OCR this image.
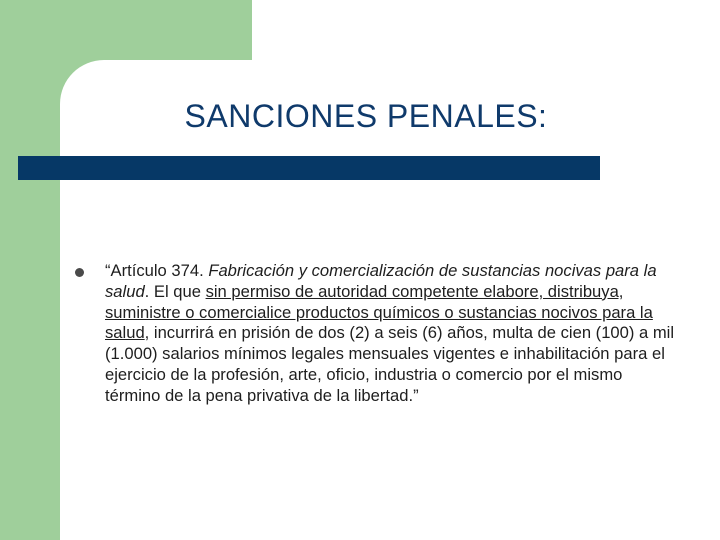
SANCIONES PENALES:
“Artículo 374. Fabricación y comercialización de sustancias nocivas para la salud. El que sin permiso de autoridad competente elabore, distribuya, suministre o comercialice productos químicos o sustancias nocivos para la salud, incurrirá en prisión de dos (2) a seis (6) años, multa de cien (100) a mil (1.000) salarios mínimos legales mensuales vigentes e inhabilitación para el ejercicio de la profesión, arte, oficio, industria o comercio por el mismo término de la pena privativa de la libertad.”
